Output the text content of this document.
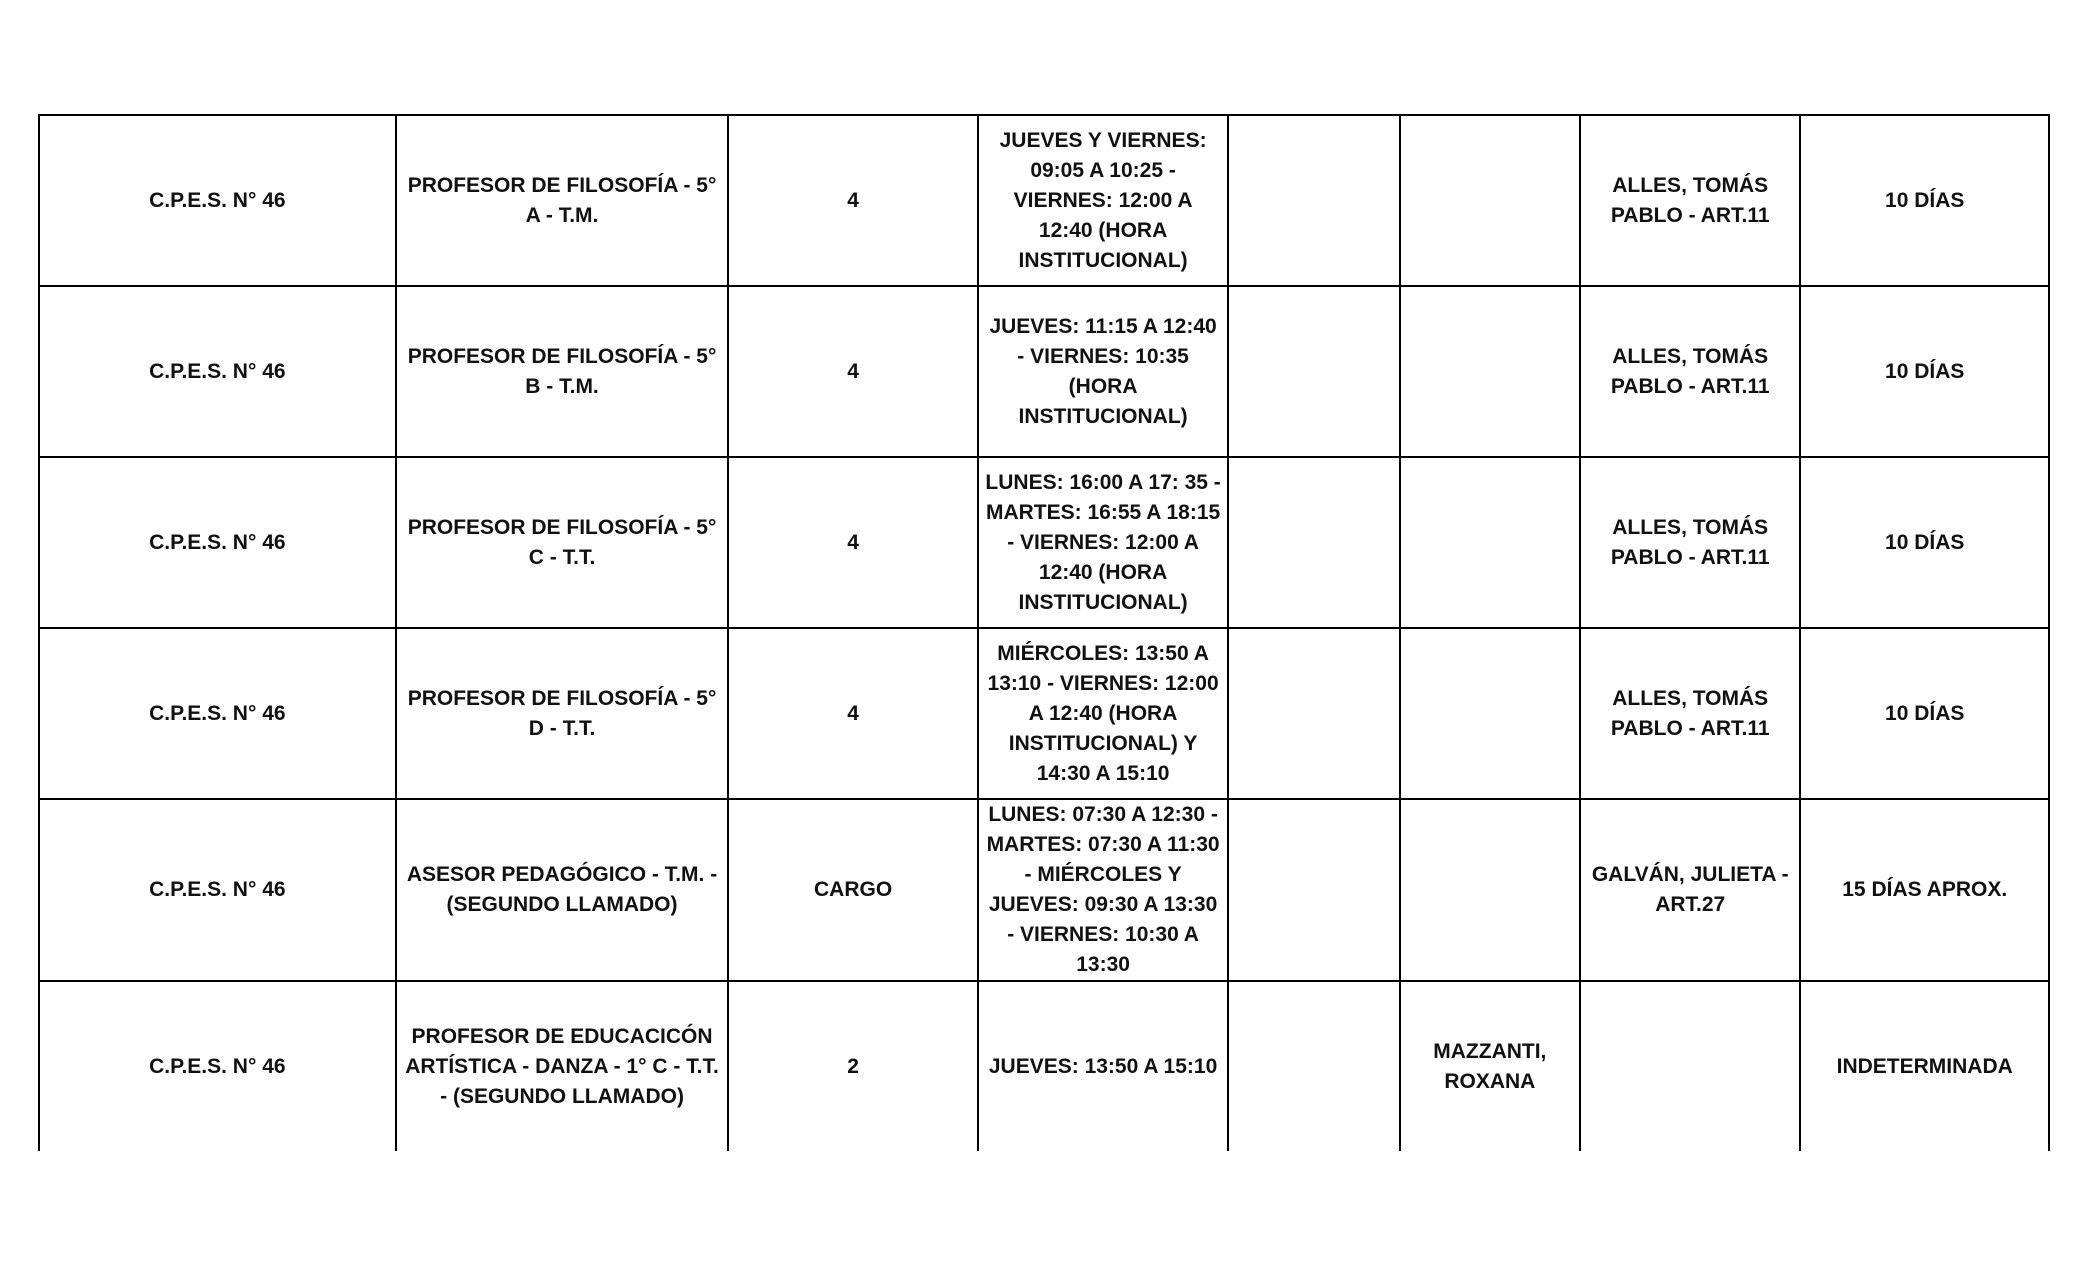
C.P.E.S. N° 46	PROFESOR DE FILOSOFÍA - 5° A - T.M.	4	JUEVES Y VIERNES: 09:05 A 10:25 - VIERNES: 12:00 A 12:40 (HORA INSTITUCIONAL)			ALLES, TOMÁS PABLO - ART.11	10 DÍAS
C.P.E.S. N° 46	PROFESOR DE FILOSOFÍA - 5° B - T.M.	4	JUEVES: 11:15 A 12:40 - VIERNES: 10:35 (HORA INSTITUCIONAL)			ALLES, TOMÁS PABLO - ART.11	10 DÍAS
C.P.E.S. N° 46	PROFESOR DE FILOSOFÍA - 5° C - T.T.	4	LUNES: 16:00 A 17: 35 - MARTES: 16:55 A 18:15 - VIERNES: 12:00 A 12:40 (HORA INSTITUCIONAL)			ALLES, TOMÁS PABLO - ART.11	10 DÍAS
C.P.E.S. N° 46	PROFESOR DE FILOSOFÍA - 5° D - T.T.	4	MIÉRCOLES: 13:50 A 13:10 - VIERNES: 12:00 A 12:40 (HORA INSTITUCIONAL) Y 14:30 A 15:10			ALLES, TOMÁS PABLO - ART.11	10 DÍAS
C.P.E.S. N° 46	ASESOR PEDAGÓGICO - T.M. - (SEGUNDO LLAMADO)	CARGO	LUNES: 07:30 A 12:30 - MARTES: 07:30 A 11:30 - MIÉRCOLES Y JUEVES: 09:30 A 13:30 - VIERNES: 10:30 A 13:30			GALVÁN, JULIETA - ART.27	15 DÍAS APROX.
C.P.E.S. N° 46	PROFESOR DE EDUCACICÓN ARTÍSTICA - DANZA - 1° C - T.T. - (SEGUNDO LLAMADO)	2	JUEVES: 13:50 A 15:10		MAZZANTI, ROXANA		INDETERMINADA
